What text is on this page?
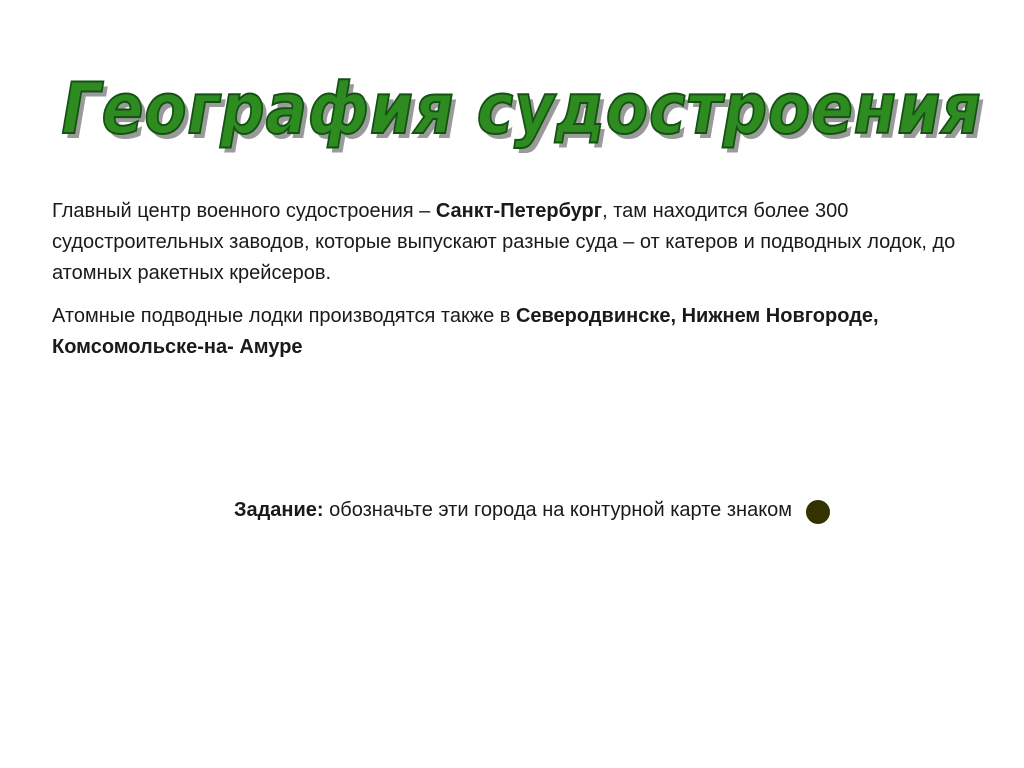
География судостроения

Главный центр военного судостроения – Санкт-Петербург, там находится более 300 судостроительных заводов, которые выпускают разные суда – от катеров и подводных лодок, до атомных ракетных крейсеров.

Атомные подводные лодки производятся также в Северодвинске, Нижнем Новгороде, Комсомольске-на- Амуре

Задание: обозначьте эти города на контурной карте знаком
